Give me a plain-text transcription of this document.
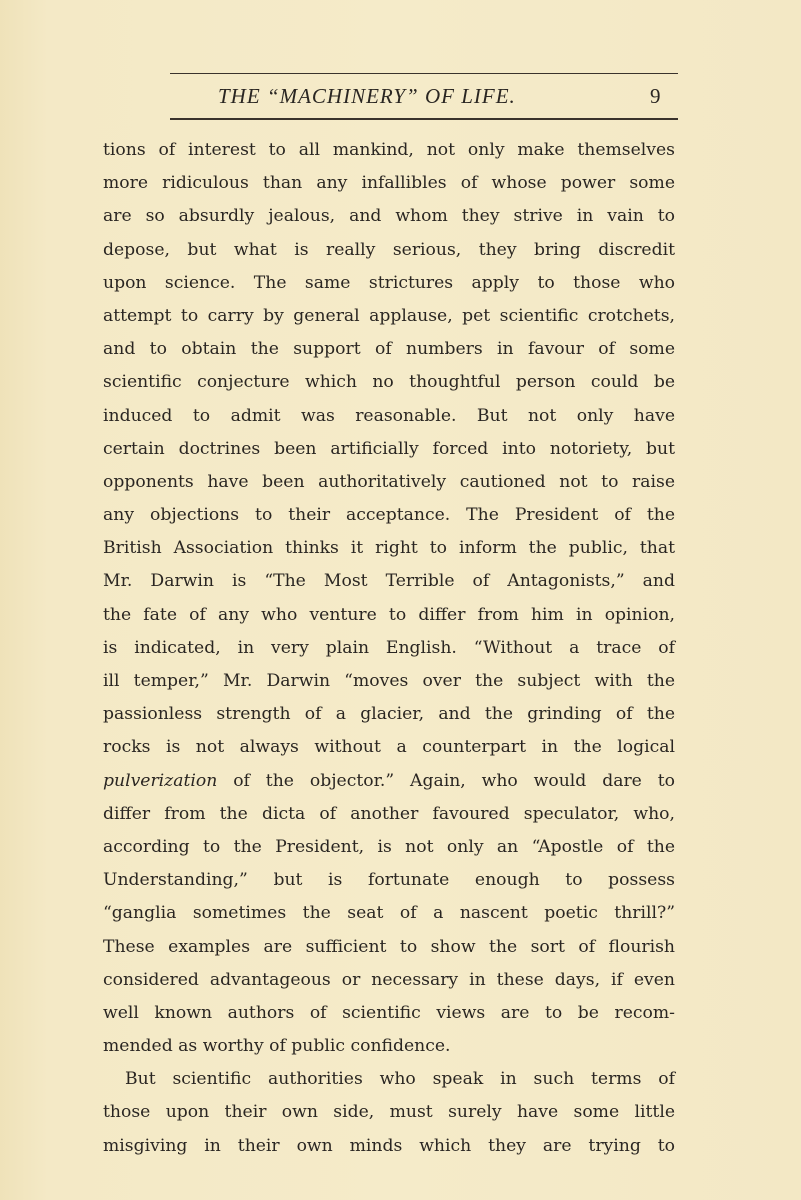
THE “MACHINERY” OF LIFE.	9
tions of interest to all mankind, not only make themselves
more ridiculous than any infallibles of whose power some
are so absurdly jealous, and whom they strive in vain to
depose, but what is really serious, they bring discredit
upon science. The same strictures apply to those who
attempt to carry by general applause, pet scientific crotchets,
and to obtain the support of numbers in favour of some
scientific conjecture which no thoughtful person could be
induced to admit was reasonable. But not only have
certain doctrines been artificially forced into notoriety, but
opponents have been authoritatively cautioned not to raise
any objections to their acceptance. The President of the
British Association thinks it right to inform the public, that
Mr. Darwin is “The Most Terrible of Antagonists,” and
the fate of any who venture to differ from him in opinion,
is indicated, in very plain English. “Without a trace of
ill temper,” Mr. Darwin “moves over the subject with the
passionless strength of a glacier, and the grinding of the
rocks is not always without a counterpart in the logical
pulverization of the objector.” Again, who would dare to
differ from the dicta of another favoured speculator, who,
according to the President, is not only an “Apostle of the
Understanding,” but is fortunate enough to possess
“ganglia sometimes the seat of a nascent poetic thrill?”
These examples are sufficient to show the sort of flourish
considered advantageous or necessary in these days, if even
well known authors of scientific views are to be recom-
mended as worthy of public confidence.
But scientific authorities who speak in such terms of
those upon their own side, must surely have some little
misgiving in their own minds which they are trying to
